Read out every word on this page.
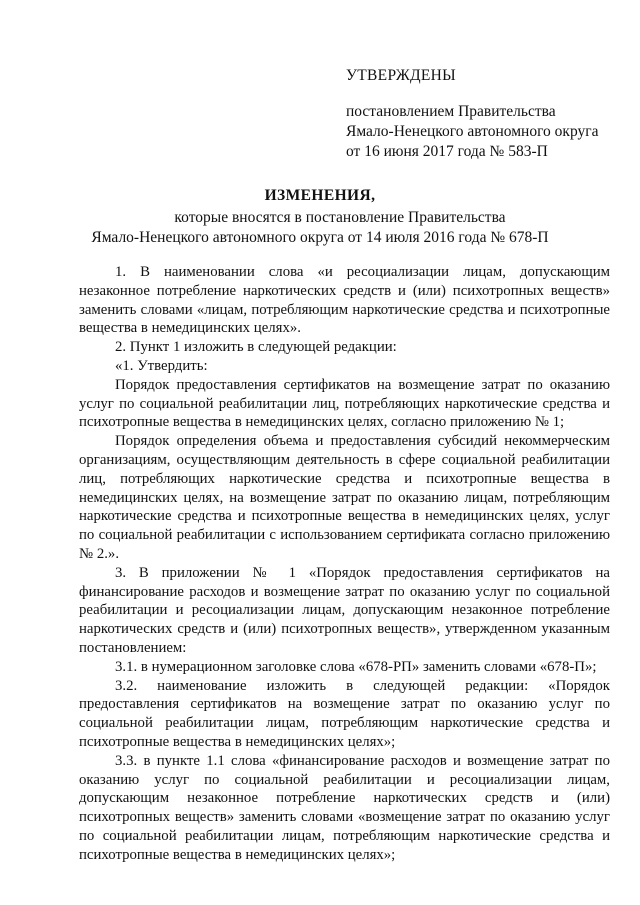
УТВЕРЖДЕНЫ
постановлением Правительства
Ямало-Ненецкого автономного округа
от 16 июня 2017 года № 583-П
ИЗМЕНЕНИЯ,
которые вносятся в постановление Правительства
Ямало-Ненецкого автономного округа от 14 июля 2016 года № 678-П

1. В наименовании слова «и ресоциализации лицам, допускающим незаконное потребление наркотических средств и (или) психотропных веществ» заменить словами «лицам, потребляющим наркотические средства и психотропные вещества в немедицинских целях».

2. Пункт 1 изложить в следующей редакции:

«1. Утвердить:

Порядок предоставления сертификатов на возмещение затрат по оказанию услуг по социальной реабилитации лиц, потребляющих наркотические средства и психотропные вещества в немедицинских целях, согласно приложению № 1;

Порядок определения объема и предоставления субсидий некоммерческим организациям, осуществляющим деятельность в сфере социальной реабилитации лиц, потребляющих наркотические средства и психотропные вещества в немедицинских целях, на возмещение затрат по оказанию лицам, потребляющим наркотические средства и психотропные вещества в немедицинских целях, услуг по социальной реабилитации с использованием сертификата согласно приложению № 2.».

3. В приложении № 1 «Порядок предоставления сертификатов на финансирование расходов и возмещение затрат по оказанию услуг по социальной реабилитации и ресоциализации лицам, допускающим незаконное потребление наркотических средств и (или) психотропных веществ», утвержденном указанным постановлением:

3.1. в нумерационном заголовке слова «678-РП» заменить словами «678-П»;

3.2. наименование изложить в следующей редакции: «Порядок предоставления сертификатов на возмещение затрат по оказанию услуг по социальной реабилитации лицам, потребляющим наркотические средства и психотропные вещества в немедицинских целях»;

3.3. в пункте 1.1 слова «финансирование расходов и возмещение затрат по оказанию услуг по социальной реабилитации и ресоциализации лицам, допускающим незаконное потребление наркотических средств и (или) психотропных веществ» заменить словами «возмещение затрат по оказанию услуг по социальной реабилитации лицам, потребляющим наркотические средства и психотропные вещества в немедицинских целях»;
